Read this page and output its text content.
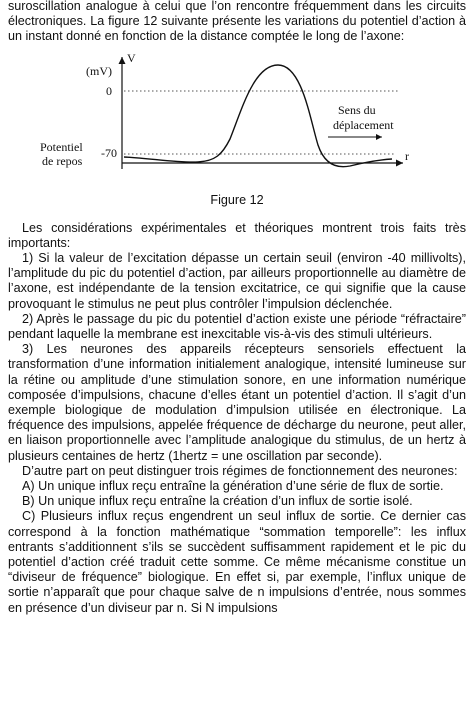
suroscillation analogue à celui que l’on rencontre fréquemment dans les circuits électroniques. La figure 12 suivante présente les variations du potentiel d’action à un instant donné en fonction de la distance comptée le long de l’axone:

V
(mV)
0
-70
Potentiel
de repos
Sens du
déplacement
r
Figure 12

Les considérations expérimentales et théoriques montrent trois faits très importants:

1) Si la valeur de l’excitation dépasse un certain seuil (environ -40 millivolts), l’amplitude du pic du potentiel d’action, par ailleurs proportionnelle au diamètre de l’axone, est indépendante de la tension excitatrice, ce qui signifie que la cause provoquant le stimulus ne peut plus contrôler l’impulsion déclenchée.

2) Après le passage du pic du potentiel d’action existe une période “réfractaire” pendant laquelle la membrane est inexcitable vis-à-vis des stimuli ultérieurs.

3) Les neurones des appareils récepteurs sensoriels effectuent la transformation d’une information initialement analogique, intensité lumineuse sur la rétine ou amplitude d’une stimulation sonore, en une information numérique composée d’impulsions, chacune d’elles étant un potentiel d’action. Il s’agit d’un exemple biologique de modulation d’impulsion utilisée en électronique. La fréquence des impulsions, appelée fréquence de décharge du neurone, peut aller, en liaison proportionnelle avec l’amplitude analogique du stimulus, de un hertz à plusieurs centaines de hertz (1hertz = une oscillation par seconde).

D’autre part on peut distinguer trois régimes de fonctionnement des neurones:

A) Un unique influx reçu entraîne la génération d’une série de flux de sortie.

B) Un unique influx reçu entraîne la création d’un influx de sortie isolé.

C) Plusieurs influx reçus engendrent un seul influx de sortie. Ce dernier cas correspond à la fonction mathématique “sommation temporelle”: les influx entrants s’additionnent s’ils se succèdent suffisamment rapidement et le pic du potentiel d’action créé traduit cette somme. Ce même mécanisme constitue un “diviseur de fréquence” biologique. En effet si, par exemple, l’influx unique de sortie n’apparaît que pour chaque salve de n impulsions d’entrée, nous sommes en présence d’un diviseur par n. Si N impulsions
